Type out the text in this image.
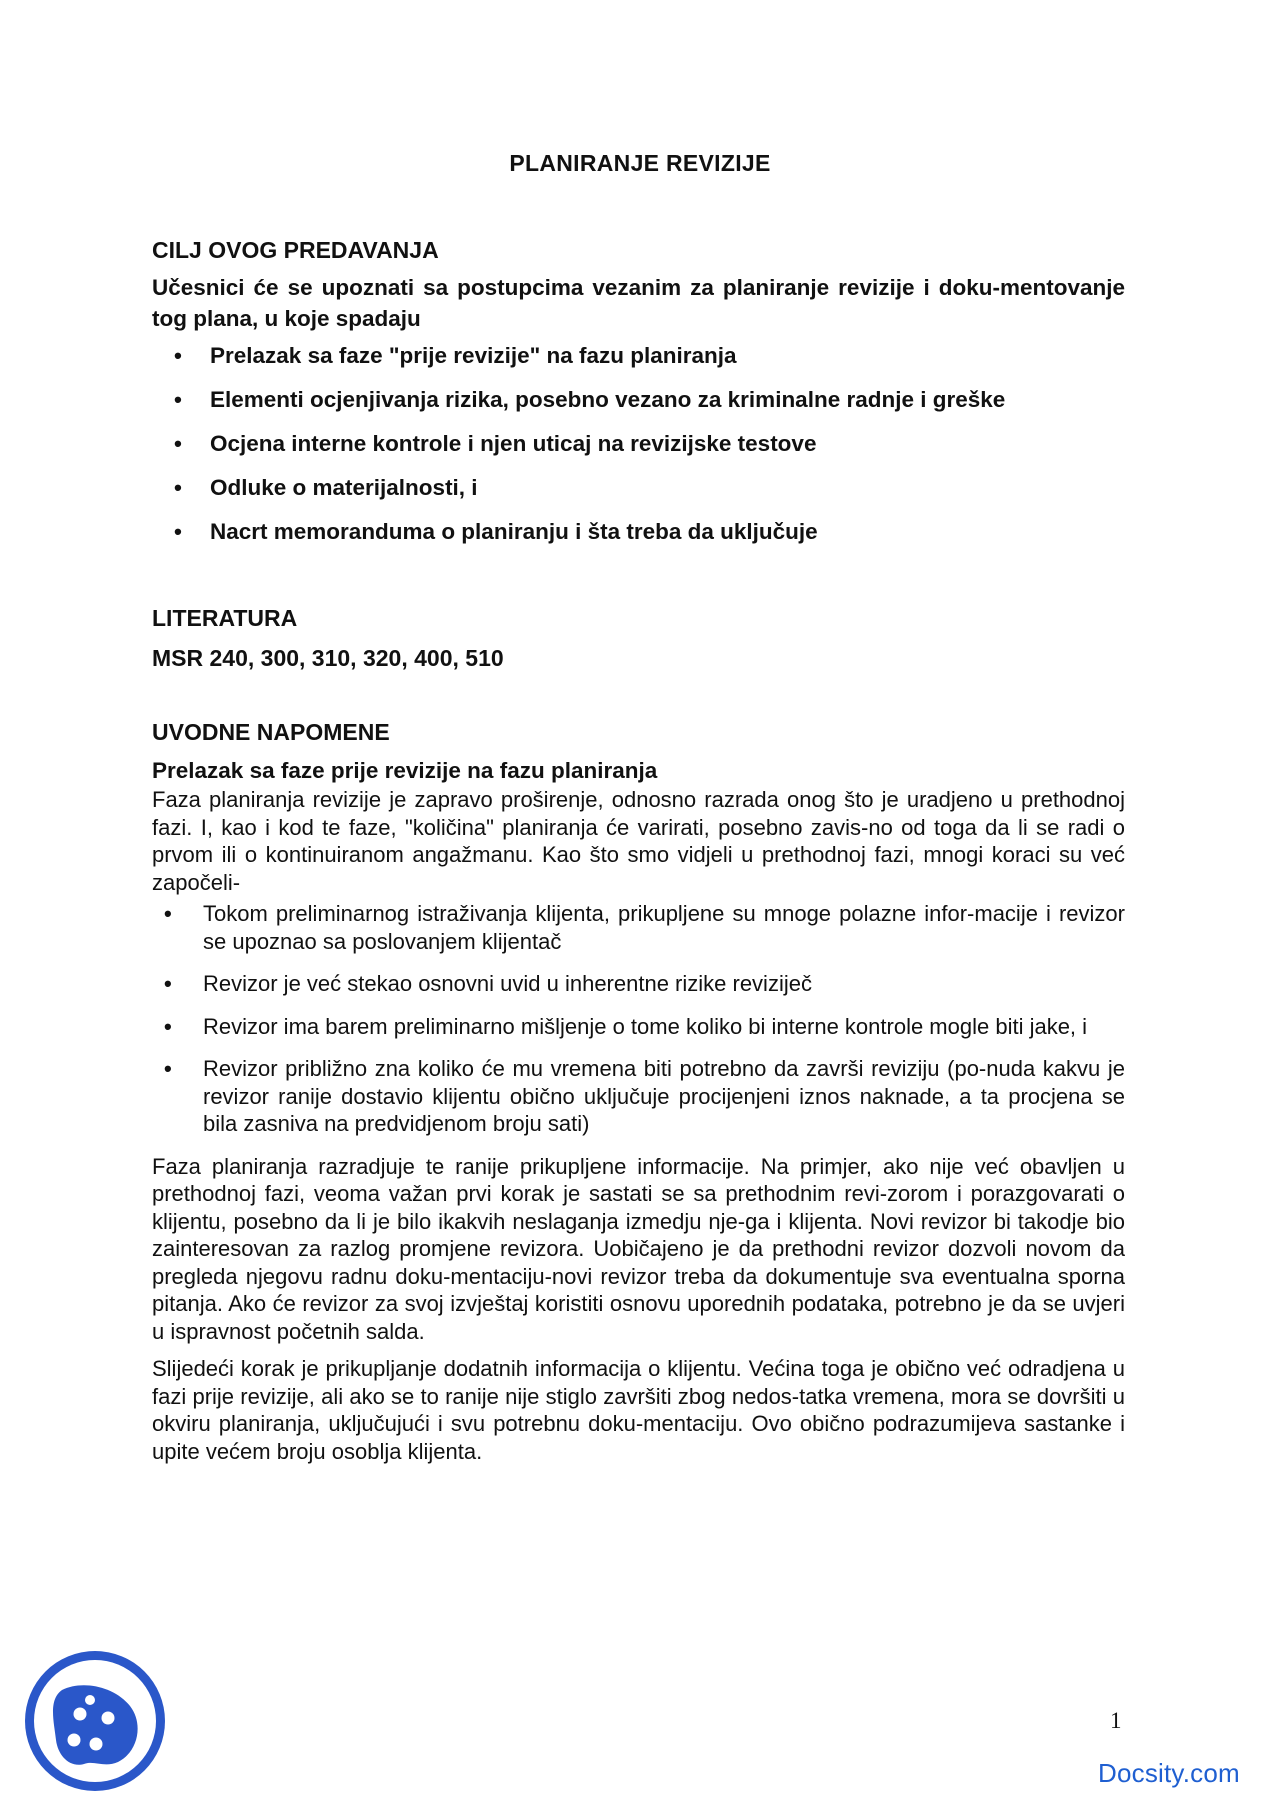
PLANIRANJE REVIZIJE
CILJ OVOG PREDAVANJA

Učesnici će se upoznati sa postupcima vezanim za planiranje revizije i doku-mentovanje tog plana, u koje spadaju

• Prelazak sa faze "prije revizije" na fazu planiranja
• Elementi ocjenjivanja rizika, posebno vezano za kriminalne radnje i greške
• Ocjena interne kontrole i njen uticaj na revizijske testove
• Odluke o materijalnosti, i
• Nacrt memoranduma o planiranju i šta treba da uključuje
LITERATURA

MSR 240, 300, 310, 320, 400, 510

UVODNE NAPOMENE

Prelazak sa faze prije revizije na fazu planiranja

Faza planiranja revizije je zapravo proširenje, odnosno razrada onog što je uradjeno u prethodnoj fazi. I, kao i kod te faze, "količina" planiranja će varirati, posebno zavis-no od toga da li se radi o prvom ili o kontinuiranom angažmanu. Kao što smo vidjeli u prethodnoj fazi, mnogi koraci su već započeli-

• Tokom preliminarnog istraživanja klijenta, prikupljene su mnoge polazne infor-macije i revizor se upoznao sa poslovanjem klijentač
• Revizor je već stekao osnovni uvid u inherentne rizike reviziječ
• Revizor ima barem preliminarno mišljenje o tome koliko bi interne kontrole mogle biti jake, i
• Revizor približno zna koliko će mu vremena biti potrebno da završi reviziju (po-nuda kakvu je revizor ranije dostavio klijentu obično uključuje procijenjeni iznos naknade, a ta procjena se bila zasniva na predvidjenom broju sati)

Faza planiranja razradjuje te ranije prikupljene informacije. Na primjer, ako nije već obavljen u prethodnoj fazi, veoma važan prvi korak je sastati se sa prethodnim revi-zorom i porazgovarati o klijentu, posebno da li je bilo ikakvih neslaganja izmedju nje-ga i klijenta. Novi revizor bi takodje bio zainteresovan za razlog promjene revizora. Uobičajeno je da prethodni revizor dozvoli novom da pregleda njegovu radnu doku-mentaciju-novi revizor treba da dokumentuje sva eventualna sporna pitanja. Ako će revizor za svoj izvještaj koristiti osnovu uporednih podataka, potrebno je da se uvjeri u ispravnost početnih salda.

Slijedeći korak je prikupljanje dodatnih informacija o klijentu. Većina toga je obično već odradjena u fazi prije revizije, ali ako se to ranije nije stiglo završiti zbog nedos-tatka vremena, mora se dovršiti u okviru planiranja, uključujući i svu potrebnu doku-mentaciju. Ovo obično podrazumijeva sastanke i upite većem broju osoblja klijenta.

1
Docsity.com
